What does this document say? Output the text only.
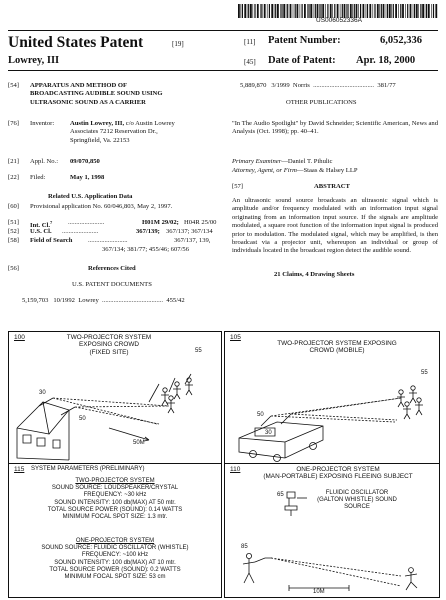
US006052336A
United States Patent	[19]
Lowrey, III
[11] Patent Number:	6,052,336
[45] Date of Patent: Apr. 18, 2000
[54] APPARATUS AND METHOD OF
BROADCASTING AUDIBLE SOUND USING
ULTRASONIC SOUND AS A CARRIER
[76] Inventor: Austin Lowrey, III, c/o Austin Lowrey
Associates 7212 Reservation Dr.,
Springfield, Va. 22153
[21] Appl. No.: 09/070,850
[22] Filed:	May 1, 1998
Related U.S. Application Data
[60] Provisional application No. 60/046,803, May 2, 1997.
[51] Int. Cl.$^7$ ......................	H01M 29/02; H04R 25/00
[52] U.S. Cl. ......................	367/139; 367/137; 367/134
[58] Field of Search ........................	367/137, 139,
367/134; 381/77; 455/46; 607/56
[56]	References Cited
U.S. PATENT DOCUMENTS
5,159,703   10/1992  Lowrey  .....................................  455/42
5,889,870   3/1999  Norris  .....................................  381/77
OTHER PUBLICATIONS
"In The Audio Spotlight" by David Schneider; Scientific American, News and Analysis (Oct. 1998); pp. 40–41.
Primary Examiner—Daniel T. Pihulic
Attorney, Agent, or Firm—Staas & Halsey LLP
[57]	ABSTRACT
An ultrasonic sound source broadcasts an ultrasonic signal which is amplitude and/or frequency modulated with an information input signal originating from an information input source. If the signals are amplitude modulated, a square root function of the information input signal is produced prior to modulation. The modulated signal, which may be amplified, is then broadcast via a projector unit, whereupon an individual or group of individuals located in the broadcast region detect the audible sound.
21 Claims, 4 Drawing Sheets
100	TWO-PROJECTOR SYSTEM
EXPOSING CROWD
(FIXED SITE)	55
30
50
50M
105
TWO-PROJECTOR SYSTEM EXPOSING
CROWD (MOBILE)
55
50
30
115 SYSTEM PARAMETERS (PRELIMINARY)
TWO-PROJECTOR SYSTEM
SOUND SOURCE: LOUDSPEAKER/CRYSTAL
FREQUENCY: ~30 kHz
SOUND INTENSITY: 100 db(MAX) AT 50 mtr.
TOTAL SOURCE POWER (SOUND): 0.14 WATTS
MINIMUM FOCAL SPOT SIZE: 1.3 mtr.
ONE-PROJECTOR SYSTEM
SOUND SOURCE: FLUIDIC OSCILLATOR (WHISTLE)
FREQUENCY: ~100 kHz
SOUND INTENSITY: 100 db(MAX) AT 10 mtr.
TOTAL SOURCE POWER (SOUND): 0.2 WATTS
MINIMUM FOCAL SPOT SIZE: 53 cm
110	ONE-PROJECTOR SYSTEM
(MAN-PORTABLE) EXPOSING FLEEING SUBJECT
FLUIDIC OSCILLATOR
(GALTON WHISTLE) SOUND
SOURCE
65
85
10M
